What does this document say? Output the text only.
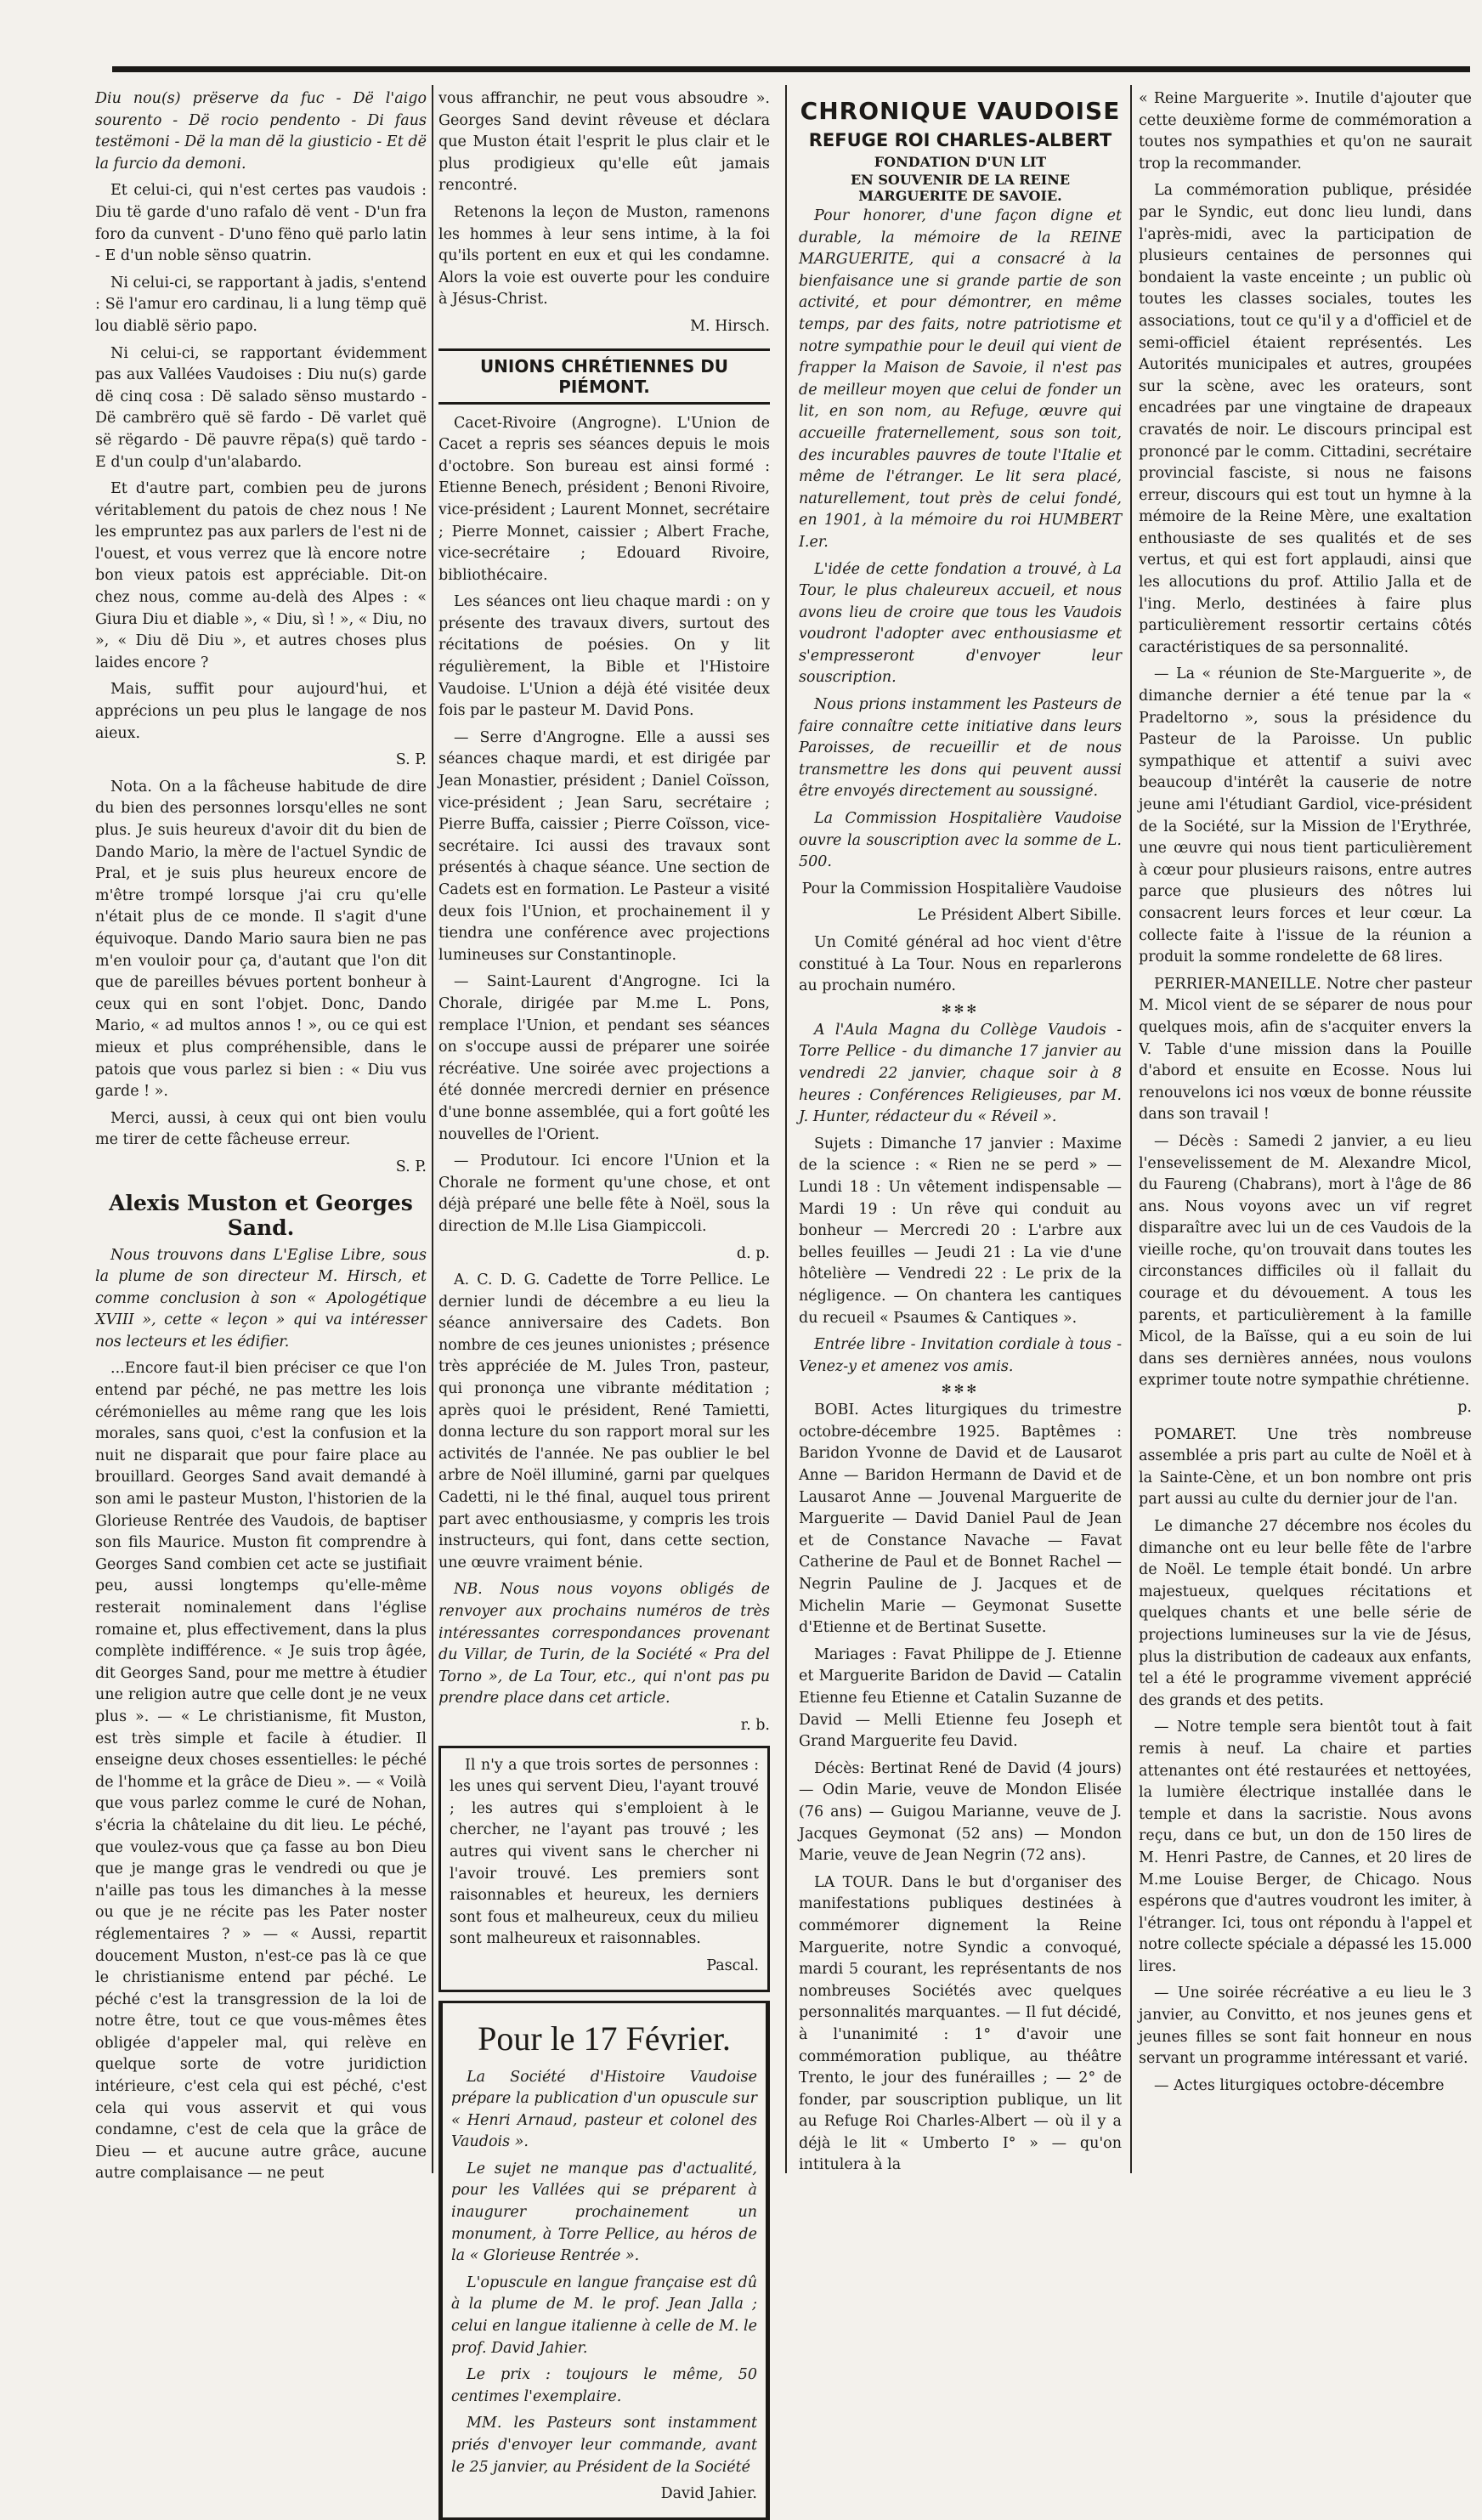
Diu nou(s) prëserve da fuc - Dë l'aigo sourento - Dë rocio pendento - Di faus testëmoni - Dë la man dë la giusticio - Et dë la furcio da demoni.

Et celui-ci, qui n'est certes pas vaudois : Diu të garde d'uno rafalo dë vent - D'un fra foro da cunvent - D'uno fëno quë parlo latin - E d'un noble sënso quatrin.

Ni celui-ci, se rapportant à jadis, s'entend : Së l'amur ero cardinau, li a lung tëmp quë lou diablë sërio papo.

Ni celui-ci, se rapportant évidemment pas aux Vallées Vaudoises : Diu nu(s) garde dë cinq cosa : Dë salado sënso mustardo - Dë cambrëro quë së fardo - Dë varlet quë së rëgardo - Dë pauvre rëpa(s) quë tardo - E d'un coulp d'un'alabardo.

Et d'autre part, combien peu de jurons véritablement du patois de chez nous ! Ne les empruntez pas aux parlers de l'est ni de l'ouest, et vous verrez que là encore notre bon vieux patois est appréciable. Dit-on chez nous, comme au-delà des Alpes : « Giura Diu et diable », « Diu, sì ! », « Diu, no », « Diu dë Diu », et autres choses plus laides encore ?

Mais, suffit pour aujourd'hui, et apprécions un peu plus le langage de nos aieux.

S. P.

Nota. On a la fâcheuse habitude de dire du bien des personnes lorsqu'elles ne sont plus. Je suis heureux d'avoir dit du bien de Dando Mario, la mère de l'actuel Syndic de Pral, et je suis plus heureux encore de m'être trompé lorsque j'ai cru qu'elle n'était plus de ce monde. Il s'agit d'une équivoque. Dando Mario saura bien ne pas m'en vouloir pour ça, d'autant que l'on dit que de pareilles bévues portent bonheur à ceux qui en sont l'objet. Donc, Dando Mario, « ad multos annos ! », ou ce qui est mieux et plus compréhensible, dans le patois que vous parlez si bien : « Diu vus garde ! ».

Merci, aussi, à ceux qui ont bien voulu me tirer de cette fâcheuse erreur.

S. P.

Alexis Muston et Georges Sand.

Nous trouvons dans L'Eglise Libre, sous la plume de son directeur M. Hirsch, et comme conclusion à son « Apologétique XVIII », cette « leçon » qui va intéresser nos lecteurs et les édifier.

...Encore faut-il bien préciser ce que l'on entend par péché, ne pas mettre les lois cérémonielles au même rang que les lois morales, sans quoi, c'est la confusion et la nuit ne disparait que pour faire place au brouillard. Georges Sand avait demandé à son ami le pasteur Muston, l'historien de la Glorieuse Rentrée des Vaudois, de baptiser son fils Maurice. Muston fit comprendre à Georges Sand combien cet acte se justifiait peu, aussi longtemps qu'elle-même resterait nominalement dans l'église romaine et, plus effectivement, dans la plus complète indifférence. « Je suis trop âgée, dit Georges Sand, pour me mettre à étudier une religion autre que celle dont je ne veux plus ». — « Le christianisme, fit Muston, est très simple et facile à étudier. Il enseigne deux choses essentielles: le péché de l'homme et la grâce de Dieu ». — « Voilà que vous parlez comme le curé de Nohan, s'écria la châtelaine du dit lieu. Le péché, que voulez-vous que ça fasse au bon Dieu que je mange gras le vendredi ou que je n'aille pas tous les dimanches à la messe ou que je ne récite pas les Pater noster réglementaires ? » — « Aussi, repartit doucement Muston, n'est-ce pas là ce que le christianisme entend par péché. Le péché c'est la transgression de la loi de notre être, tout ce que vous-mêmes êtes obligée d'appeler mal, qui relève en quelque sorte de votre juridiction intérieure, c'est cela qui est péché, c'est cela qui vous asservit et qui vous condamne, c'est de cela que la grâce de Dieu — et aucune autre grâce, aucune autre complaisance — ne peut

vous affranchir, ne peut vous absoudre ». Georges Sand devint rêveuse et déclara que Muston était l'esprit le plus clair et le plus prodigieux qu'elle eût jamais rencontré.

Retenons la leçon de Muston, ramenons les hommes à leur sens intime, à la foi qu'ils portent en eux et qui les condamne. Alors la voie est ouverte pour les conduire à Jésus-Christ.

M. Hirsch.

UNIONS CHRÉTIENNES DU PIÉMONT.

Cacet-Rivoire (Angrogne). L'Union de Cacet a repris ses séances depuis le mois d'octobre. Son bureau est ainsi formé : Etienne Benech, président ; Benoni Rivoire, vice-président ; Laurent Monnet, secrétaire ; Pierre Monnet, caissier ; Albert Frache, vice-secrétaire ; Edouard Rivoire, bibliothécaire.

Les séances ont lieu chaque mardi : on y présente des travaux divers, surtout des récitations de poésies. On y lit régulièrement, la Bible et l'Histoire Vaudoise. L'Union a déjà été visitée deux fois par le pasteur M. David Pons.

— Serre d'Angrogne. Elle a aussi ses séances chaque mardi, et est dirigée par Jean Monastier, président ; Daniel Coïsson, vice-président ; Jean Saru, secrétaire ; Pierre Buffa, caissier ; Pierre Coïsson, vice-secrétaire. Ici aussi des travaux sont présentés à chaque séance. Une section de Cadets est en formation. Le Pasteur a visité deux fois l'Union, et prochainement il y tiendra une conférence avec projections lumineuses sur Constantinople.

— Saint-Laurent d'Angrogne. Ici la Chorale, dirigée par M.me L. Pons, remplace l'Union, et pendant ses séances on s'occupe aussi de préparer une soirée récréative. Une soirée avec projections a été donnée mercredi dernier en présence d'une bonne assemblée, qui a fort goûté les nouvelles de l'Orient.

— Produtour. Ici encore l'Union et la Chorale ne forment qu'une chose, et ont déjà préparé une belle fête à Noël, sous la direction de M.lle Lisa Giampiccoli.

d. p.

A. C. D. G. Cadette de Torre Pellice. Le dernier lundi de décembre a eu lieu la séance anniversaire des Cadets. Bon nombre de ces jeunes unionistes ; présence très appréciée de M. Jules Tron, pasteur, qui prononça une vibrante méditation ; après quoi le président, René Tamietti, donna lecture du son rapport moral sur les activités de l'année. Ne pas oublier le bel arbre de Noël illuminé, garni par quelques Cadetti, ni le thé final, auquel tous prirent part avec enthousiasme, y compris les trois instructeurs, qui font, dans cette section, une œuvre vraiment bénie.

NB. Nous nous voyons obligés de renvoyer aux prochains numéros de très intéressantes correspondances provenant du Villar, de Turin, de la Société « Pra del Torno », de La Tour, etc., qui n'ont pas pu prendre place dans cet article.

r. b.

Il n'y a que trois sortes de personnes : les unes qui servent Dieu, l'ayant trouvé ; les autres qui s'emploient à le chercher, ne l'ayant pas trouvé ; les autres qui vivent sans le chercher ni l'avoir trouvé. Les premiers sont raisonnables et heureux, les derniers sont fous et malheureux, ceux du milieu sont malheureux et raisonnables.

Pascal.

Pour le 17 Février.

La Société d'Histoire Vaudoise prépare la publication d'un opuscule sur « Henri Arnaud, pasteur et colonel des Vaudois ».

Le sujet ne manque pas d'actualité, pour les Vallées qui se préparent à inaugurer prochainement un monument, à Torre Pellice, au héros de la « Glorieuse Rentrée ».

L'opuscule en langue française est dû à la plume de M. le prof. Jean Jalla ; celui en langue italienne à celle de M. le prof. David Jahier.

Le prix : toujours le même, 50 centimes l'exemplaire.

MM. les Pasteurs sont instamment priés d'envoyer leur commande, avant le 25 janvier, au Président de la Société

David Jahier.

CHRONIQUE VAUDOISE
REFUGE ROI CHARLES-ALBERT
FONDATION D'UN LIT
EN SOUVENIR DE LA REINE MARGUERITE DE SAVOIE.

Pour honorer, d'une façon digne et durable, la mémoire de la REINE MARGUERITE, qui a consacré à la bienfaisance une si grande partie de son activité, et pour démontrer, en même temps, par des faits, notre patriotisme et notre sympathie pour le deuil qui vient de frapper la Maison de Savoie, il n'est pas de meilleur moyen que celui de fonder un lit, en son nom, au Refuge, œuvre qui accueille fraternellement, sous son toit, des incurables pauvres de toute l'Italie et même de l'étranger. Le lit sera placé, naturellement, tout près de celui fondé, en 1901, à la mémoire du roi HUMBERT I.er.

L'idée de cette fondation a trouvé, à La Tour, le plus chaleureux accueil, et nous avons lieu de croire que tous les Vaudois voudront l'adopter avec enthousiasme et s'empresseront d'envoyer leur souscription.

Nous prions instamment les Pasteurs de faire connaître cette initiative dans leurs Paroisses, de recueillir et de nous transmettre les dons qui peuvent aussi être envoyés directement au soussigné.

La Commission Hospitalière Vaudoise ouvre la souscription avec la somme de L. 500.

Pour la Commission Hospitalière Vaudoise

Le Président Albert Sibille.

Un Comité général ad hoc vient d'être constitué à La Tour. Nous en reparlerons au prochain numéro.

✻✻✻

A l'Aula Magna du Collège Vaudois - Torre Pellice - du dimanche 17 janvier au vendredi 22 janvier, chaque soir à 8 heures : Conférences Religieuses, par M. J. Hunter, rédacteur du « Réveil ».

Sujets : Dimanche 17 janvier : Maxime de la science : « Rien ne se perd » — Lundi 18 : Un vêtement indispensable — Mardi 19 : Un rêve qui conduit au bonheur — Mercredi 20 : L'arbre aux belles feuilles — Jeudi 21 : La vie d'une hôtelière — Vendredi 22 : Le prix de la négligence. — On chantera les cantiques du recueil « Psaumes & Cantiques ».

Entrée libre - Invitation cordiale à tous - Venez-y et amenez vos amis.

✻✻✻

BOBI. Actes liturgiques du trimestre octobre-décembre 1925. Baptêmes : Baridon Yvonne de David et de Lausarot Anne — Baridon Hermann de David et de Lausarot Anne — Jouvenal Marguerite de Marguerite — David Daniel Paul de Jean et de Constance Navache — Favat Catherine de Paul et de Bonnet Rachel — Negrin Pauline de J. Jacques et de Michelin Marie — Geymonat Susette d'Etienne et de Bertinat Susette.

Mariages : Favat Philippe de J. Etienne et Marguerite Baridon de David — Catalin Etienne feu Etienne et Catalin Suzanne de David — Melli Etienne feu Joseph et Grand Marguerite feu David.

Décès: Bertinat René de David (4 jours) — Odin Marie, veuve de Mondon Elisée (76 ans) — Guigou Marianne, veuve de J. Jacques Geymonat (52 ans) — Mondon Marie, veuve de Jean Negrin (72 ans).

LA TOUR. Dans le but d'organiser des manifestations publiques destinées à commémorer dignement la Reine Marguerite, notre Syndic a convoqué, mardi 5 courant, les représentants de nos nombreuses Sociétés avec quelques personnalités marquantes. — Il fut décidé, à l'unanimité : 1° d'avoir une commémoration publique, au théâtre Trento, le jour des funérailles ; — 2° de fonder, par souscription publique, un lit au Refuge Roi Charles-Albert — où il y a déjà le lit « Umberto I° » — qu'on intitulera à la

« Reine Marguerite ». Inutile d'ajouter que cette deuxième forme de commémoration a toutes nos sympathies et qu'on ne saurait trop la recommander.

La commémoration publique, présidée par le Syndic, eut donc lieu lundi, dans l'après-midi, avec la participation de plusieurs centaines de personnes qui bondaient la vaste enceinte ; un public où toutes les classes sociales, toutes les associations, tout ce qu'il y a d'officiel et de semi-officiel étaient représentés. Les Autorités municipales et autres, groupées sur la scène, avec les orateurs, sont encadrées par une vingtaine de drapeaux cravatés de noir. Le discours principal est prononcé par le comm. Cittadini, secrétaire provincial fasciste, si nous ne faisons erreur, discours qui est tout un hymne à la mémoire de la Reine Mère, une exaltation enthousiaste de ses qualités et de ses vertus, et qui est fort applaudi, ainsi que les allocutions du prof. Attilio Jalla et de l'ing. Merlo, destinées à faire plus particulièrement ressortir certains côtés caractéristiques de sa personnalité.

— La « réunion de Ste-Marguerite », de dimanche dernier a été tenue par la « Pradeltorno », sous la présidence du Pasteur de la Paroisse. Un public sympathique et attentif a suivi avec beaucoup d'intérêt la causerie de notre jeune ami l'étudiant Gardiol, vice-président de la Société, sur la Mission de l'Erythrée, une œuvre qui nous tient particulièrement à cœur pour plusieurs raisons, entre autres parce que plusieurs des nôtres lui consacrent leurs forces et leur cœur. La collecte faite à l'issue de la réunion a produit la somme rondelette de 68 lires.

PERRIER-MANEILLE. Notre cher pasteur M. Micol vient de se séparer de nous pour quelques mois, afin de s'acquiter envers la V. Table d'une mission dans la Pouille d'abord et ensuite en Ecosse. Nous lui renouvelons ici nos vœux de bonne réussite dans son travail !

— Décès : Samedi 2 janvier, a eu lieu l'ensevelissement de M. Alexandre Micol, du Faureng (Chabrans), mort à l'âge de 86 ans. Nous voyons avec un vif regret disparaître avec lui un de ces Vaudois de la vieille roche, qu'on trouvait dans toutes les circonstances difficiles où il fallait du courage et du dévouement. A tous les parents, et particulièrement à la famille Micol, de la Baïsse, qui a eu soin de lui dans ses dernières années, nous voulons exprimer toute notre sympathie chrétienne.

p.

POMARET. Une très nombreuse assemblée a pris part au culte de Noël et à la Sainte-Cène, et un bon nombre ont pris part aussi au culte du dernier jour de l'an.

Le dimanche 27 décembre nos écoles du dimanche ont eu leur belle fête de l'arbre de Noël. Le temple était bondé. Un arbre majestueux, quelques récitations et quelques chants et une belle série de projections lumineuses sur la vie de Jésus, plus la distribution de cadeaux aux enfants, tel a été le programme vivement apprécié des grands et des petits.

— Notre temple sera bientôt tout à fait remis à neuf. La chaire et parties attenantes ont été restaurées et nettoyées, la lumière électrique installée dans le temple et dans la sacristie. Nous avons reçu, dans ce but, un don de 150 lires de M. Henri Pastre, de Cannes, et 20 lires de M.me Louise Berger, de Chicago. Nous espérons que d'autres voudront les imiter, à l'étranger. Ici, tous ont répondu à l'appel et notre collecte spéciale a dépassé les 15.000 lires.

— Une soirée récréative a eu lieu le 3 janvier, au Convitto, et nos jeunes gens et jeunes filles se sont fait honneur en nous servant un programme intéressant et varié.

— Actes liturgiques octobre-décembre
